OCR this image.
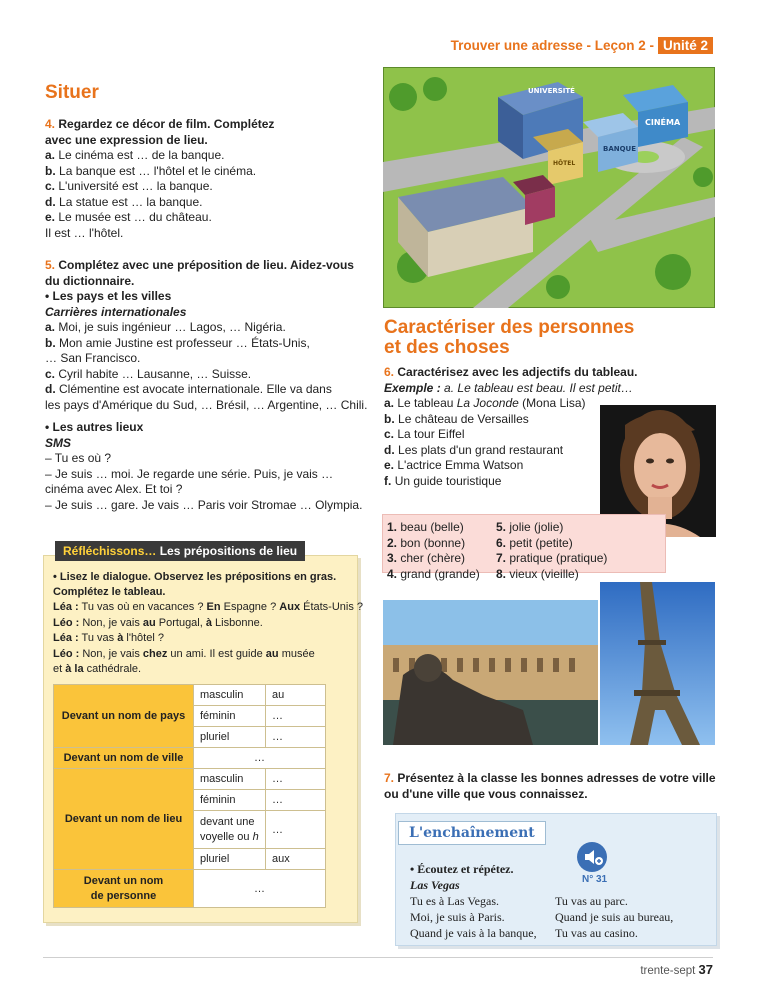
Trouver une adresse - Leçon 2 - Unité 2
Situer
4. Regardez ce décor de film. Complétez
avec une expression de lieu.
a. Le cinéma est … de la banque.
b. La banque est … l'hôtel et le cinéma.
c. L'université est … la banque.
d. La statue est … la banque.
e. Le musée est … du château.
Il est … l'hôtel.
5. Complétez avec une préposition de lieu. Aidez-vous
du dictionnaire.
• Les pays et les villes
Carrières internationales
a. Moi, je suis ingénieur … Lagos, … Nigéria.
b. Mon amie Justine est professeur … États-Unis,
… San Francisco.
c. Cyril habite … Lausanne, … Suisse.
d. Clémentine est avocate internationale. Elle va dans
les pays d'Amérique du Sud, … Brésil, … Argentine, … Chili.
• Les autres lieux
SMS
– Tu es où ?
– Je suis … moi. Je regarde une série. Puis, je vais …
cinéma avec Alex. Et toi ?
– Je suis … gare. Je vais … Paris voir Stromae … Olympia.
Réfléchissons… Les prépositions de lieu
• Lisez le dialogue. Observez les prépositions en gras.
Complétez le tableau.
Léa : Tu vas où en vacances ? En Espagne ? Aux États-Unis ?
Léo : Non, je vais au Portugal, à Lisbonne.
Léa : Tu vas à l'hôtel ?
Léo : Non, je vais chez un ami. Il est guide au musée
et à la cathédrale.
Devant un nom de pays	masculin	au
	féminin	…
	pluriel	…
Devant un nom de ville	…	
Devant un nom de lieu	masculin	…
	féminin	…
	devant une
voyelle ou h	…
	pluriel	aux
Devant un nom
de personne	…	
UNIVERSITÉ
BANQUE
CINÉMA
HÔTEL
Caractériser des personnes
et des choses
6. Caractérisez avec les adjectifs du tableau.
Exemple : a. Le tableau est beau. Il est petit…
a. Le tableau La Joconde (Mona Lisa)
b. Le château de Versailles
c. La tour Eiffel
d. Les plats d'un grand restaurant
e. L'actrice Emma Watson
f. Un guide touristique
1. beau (belle)
2. bon (bonne)
3. cher (chère)
4. grand (grande)
5. jolie (jolie)
6. petit (petite)
7. pratique (pratique)
8. vieux (vieille)
7. Présentez à la classe les bonnes adresses de votre ville
ou d'une ville que vous connaissez.
L'enchaînement
N° 31
• Écoutez et répétez.
Las Vegas
Tu es à Las Vegas.
Moi, je suis à Paris.
Quand je vais à la banque,
Tu vas au parc.
Quand je suis au bureau,
Tu vas au casino.
trente-sept 37
